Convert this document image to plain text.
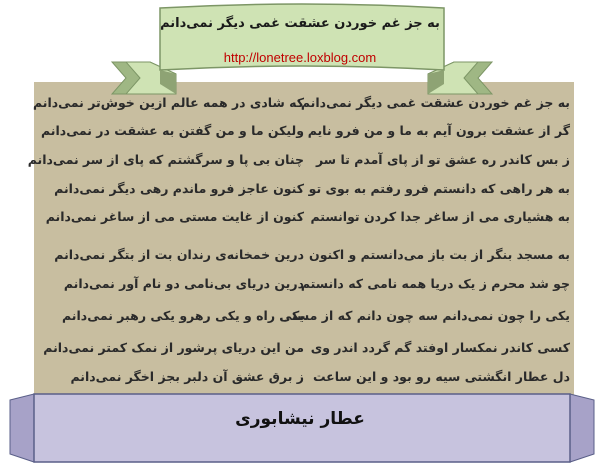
به جز غم خوردن عشقت غمی دیگر نمی‌دانم
http://lonetree.loxblog.com
به جز غم خوردن عشقت غمی دیگر نمی‌دانم
گر از عشقت برون آیم به ما و من فرو نایم
ز بس کاندر ره عشق تو از پای آمدم تا سر
به هر راهی که دانستم فرو رفتم به بوی تو
به هشیاری می از ساغر جدا کردن توانستم
به مسجد بنگر از بت باز می‌دانستم و اکنون
چو شد محرم ز یک دریا همه نامی که دانستم
یکی را چون نمی‌دانم سه چون دانم که از مستی
کسی کاندر نمکسار اوفتد گم گردد اندر وی
دل عطار انگشتی سیه رو بود و این ساعت
که شادی در همه عالم ازین خوش‌تر نمی‌دانم
ولیکن ما و من گفتن به عشقت در نمی‌دانم
چنان بی پا و سرگشتم که پای از سر نمی‌دانم
کنون عاجز فرو ماندم رهی دیگر نمی‌دانم
کنون از غایت مستی می از ساغر نمی‌دانم
درین خمخانه‌ی رندان بت از بتگر نمی‌دانم
درین دریای بی‌نامی دو نام آور نمی‌دانم
یکی راه و یکی رهرو یکی رهبر نمی‌دانم
من این دریای پرشور از نمک کمتر نمی‌دانم
ز برق عشق آن دلبر بجز اخگر نمی‌دانم
عطار نیشابوری
